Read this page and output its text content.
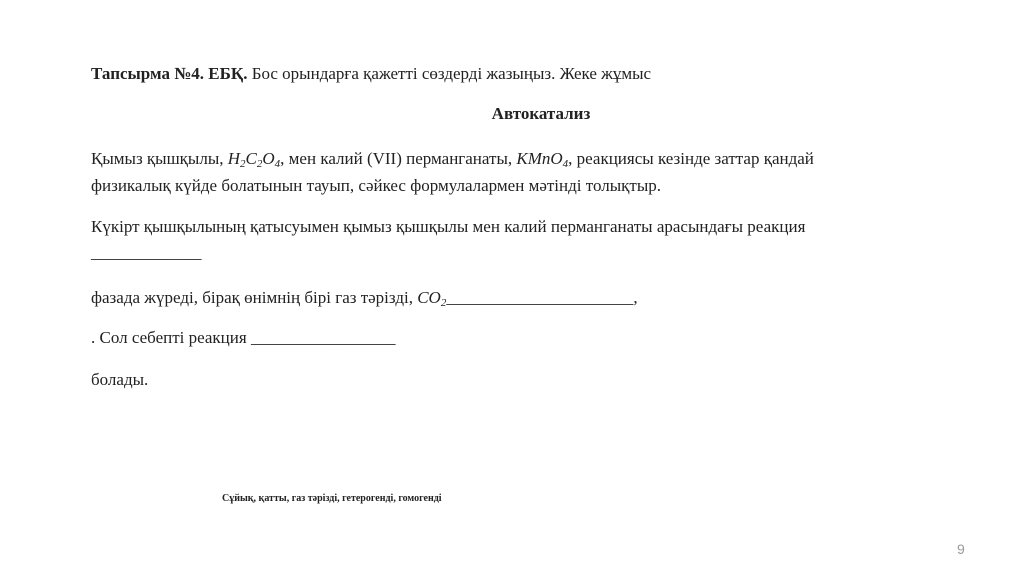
Тапсырма №4. ЕБҚ. Бос орындарға қажетті сөздерді жазыңыз. Жеке жұмыс
Автокатализ
Қымыз қышқылы, $H_2C_2O_4$, мен калий (VII) перманганаты, KMnO$_4$, реакциясы кезінде заттар қандай
физикалық күйде болатынын тауып, сәйкес формулалармен мәтінді толықтыр.
Күкірт қышқылының қатысуымен қымыз қышқылы мен калий перманганаты арасындағы реакция
_____________
фазада жүреді, бірақ өнімнің бірі газ тәрізді, $CO_2\_\_\_\_\_\_\_\_\_\_\_\_\_\_\_\_\_\_\_\_\_\_$,
. Сол себепті реакция _________________
болады.
Сұйық, қатты, газ тәрізді, гетерогенді, гомогенді
9
